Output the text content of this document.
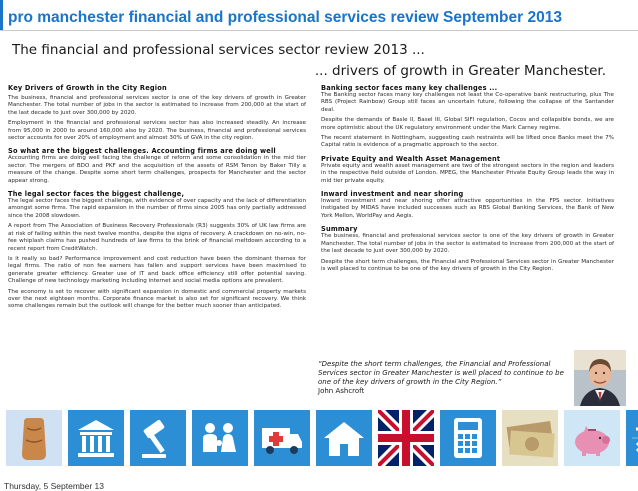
pro manchester financial and professional services review September 2013
The financial and professional services sector review 2013 ...
... drivers of growth in Greater Manchester.
Key Drivers of Growth in the City Region

The business, financial and professional services sector is one of the key drivers of growth in Greater Manchester. The total number of jobs in the sector is estimated to increase from 200,000 at the start of the last decade to just over 300,000 by 2020.

Employment in the financial and professional services sector has also increased steadily. An increase from 95,000 in 2000 to around 160,000 also by 2020. The business, financial and professional services sector accounts for over 20% of employment and almost 30% of GVA in the city region.

So what are the biggest challenges. Accounting firms are doing well

Accounting firms are doing well facing the challenge of reform and some consolidation in the mid tier sector. The mergers of BDO and PKF and the acquisition of the assets of RSM Tenon by Baker Tilly a measure of the change. Despite some short term challenges, prospects for Manchester and the sector appear strong.

The legal sector faces the biggest challenge,

The legal sector faces the biggest challenge, with evidence of over capacity and the lack of differentiation amongst some firms. The rapid expansion in the number of firms since 2005 has only partially addressed since the 2008 slowdown.

A report from The Association of Business Recovery Professionals (R3) suggests 30% of UK law firms are at risk of failing within the next twelve months, despite the signs of recovery. A crackdown on no-win, no-fee whiplash claims has pushed hundreds of law firms to the brink of financial meltdown according to a recent report from CreditWatch.

Is it really so bad? Performance improvement and cost reduction have been the dominant themes for legal firms. The ratio of non fee earners has fallen and support services have been maximised to generate greater efficiency. Greater use of IT and back office efficiency still offer potential saving. Challenge of new technology marketing including internet and social media options are prevalent.

The economy is set to recover with significant expansion in domestic and commercial property markets over the next eighteen months. Corporate finance market is also set for significant recovery. We think some challenges remain but the outlook will change for the better much sooner than anticipated.

Banking sector faces many key challenges ...

The Banking sector faces many key challenges not least the Co-operative bank restructuring, plus The RBS (Project Rainbow) Group still faces an uncertain future, following the collapse of the Santander deal.

Despite the demands of Basle II, Basel III, Global SIFI regulation, Cocos and collapsible bonds, we are more optimistic about the UK regulatory environment under the Mark Carney regime.

The recent statement in Nottingham, suggesting cash restraints will be lifted once Banks meet the 7% Capital ratio is evidence of a pragmatic approach to the sector.

Private Equity and Wealth Asset Management

Private equity and wealth asset management are two of the strongest sectors in the region and leaders in the respective field outside of London. MPEG, the Manchester Private Equity Group leads the way in mid tier private equity.

Inward investment and near shoring

Inward investment and near shoring offer attractive opportunities in the FPS sector. Initiatives instigated by MIDAS have included successes such as RBS Global Banking Services, the Bank of New York Mellon, WorldPay and Aegis.

Summary

The business, financial and professional services sector is one of the key drivers of growth in Greater Manchester. The total number of jobs in the sector is estimated to increase from 200,000 at the start of the last decade to just over 300,000 by 2020.

Despite the short term challenges, the Financial and Professional Services sector in Greater Manchester is well placed to continue to be one of the key drivers of growth in the City Region.

“Despite the short term challenges, the Financial and Professional Services sector in Greater Manchester is well placed to continue to be one of the key drivers of growth in the City Region.”
John Ashcroft
Thursday, 5 September 13
